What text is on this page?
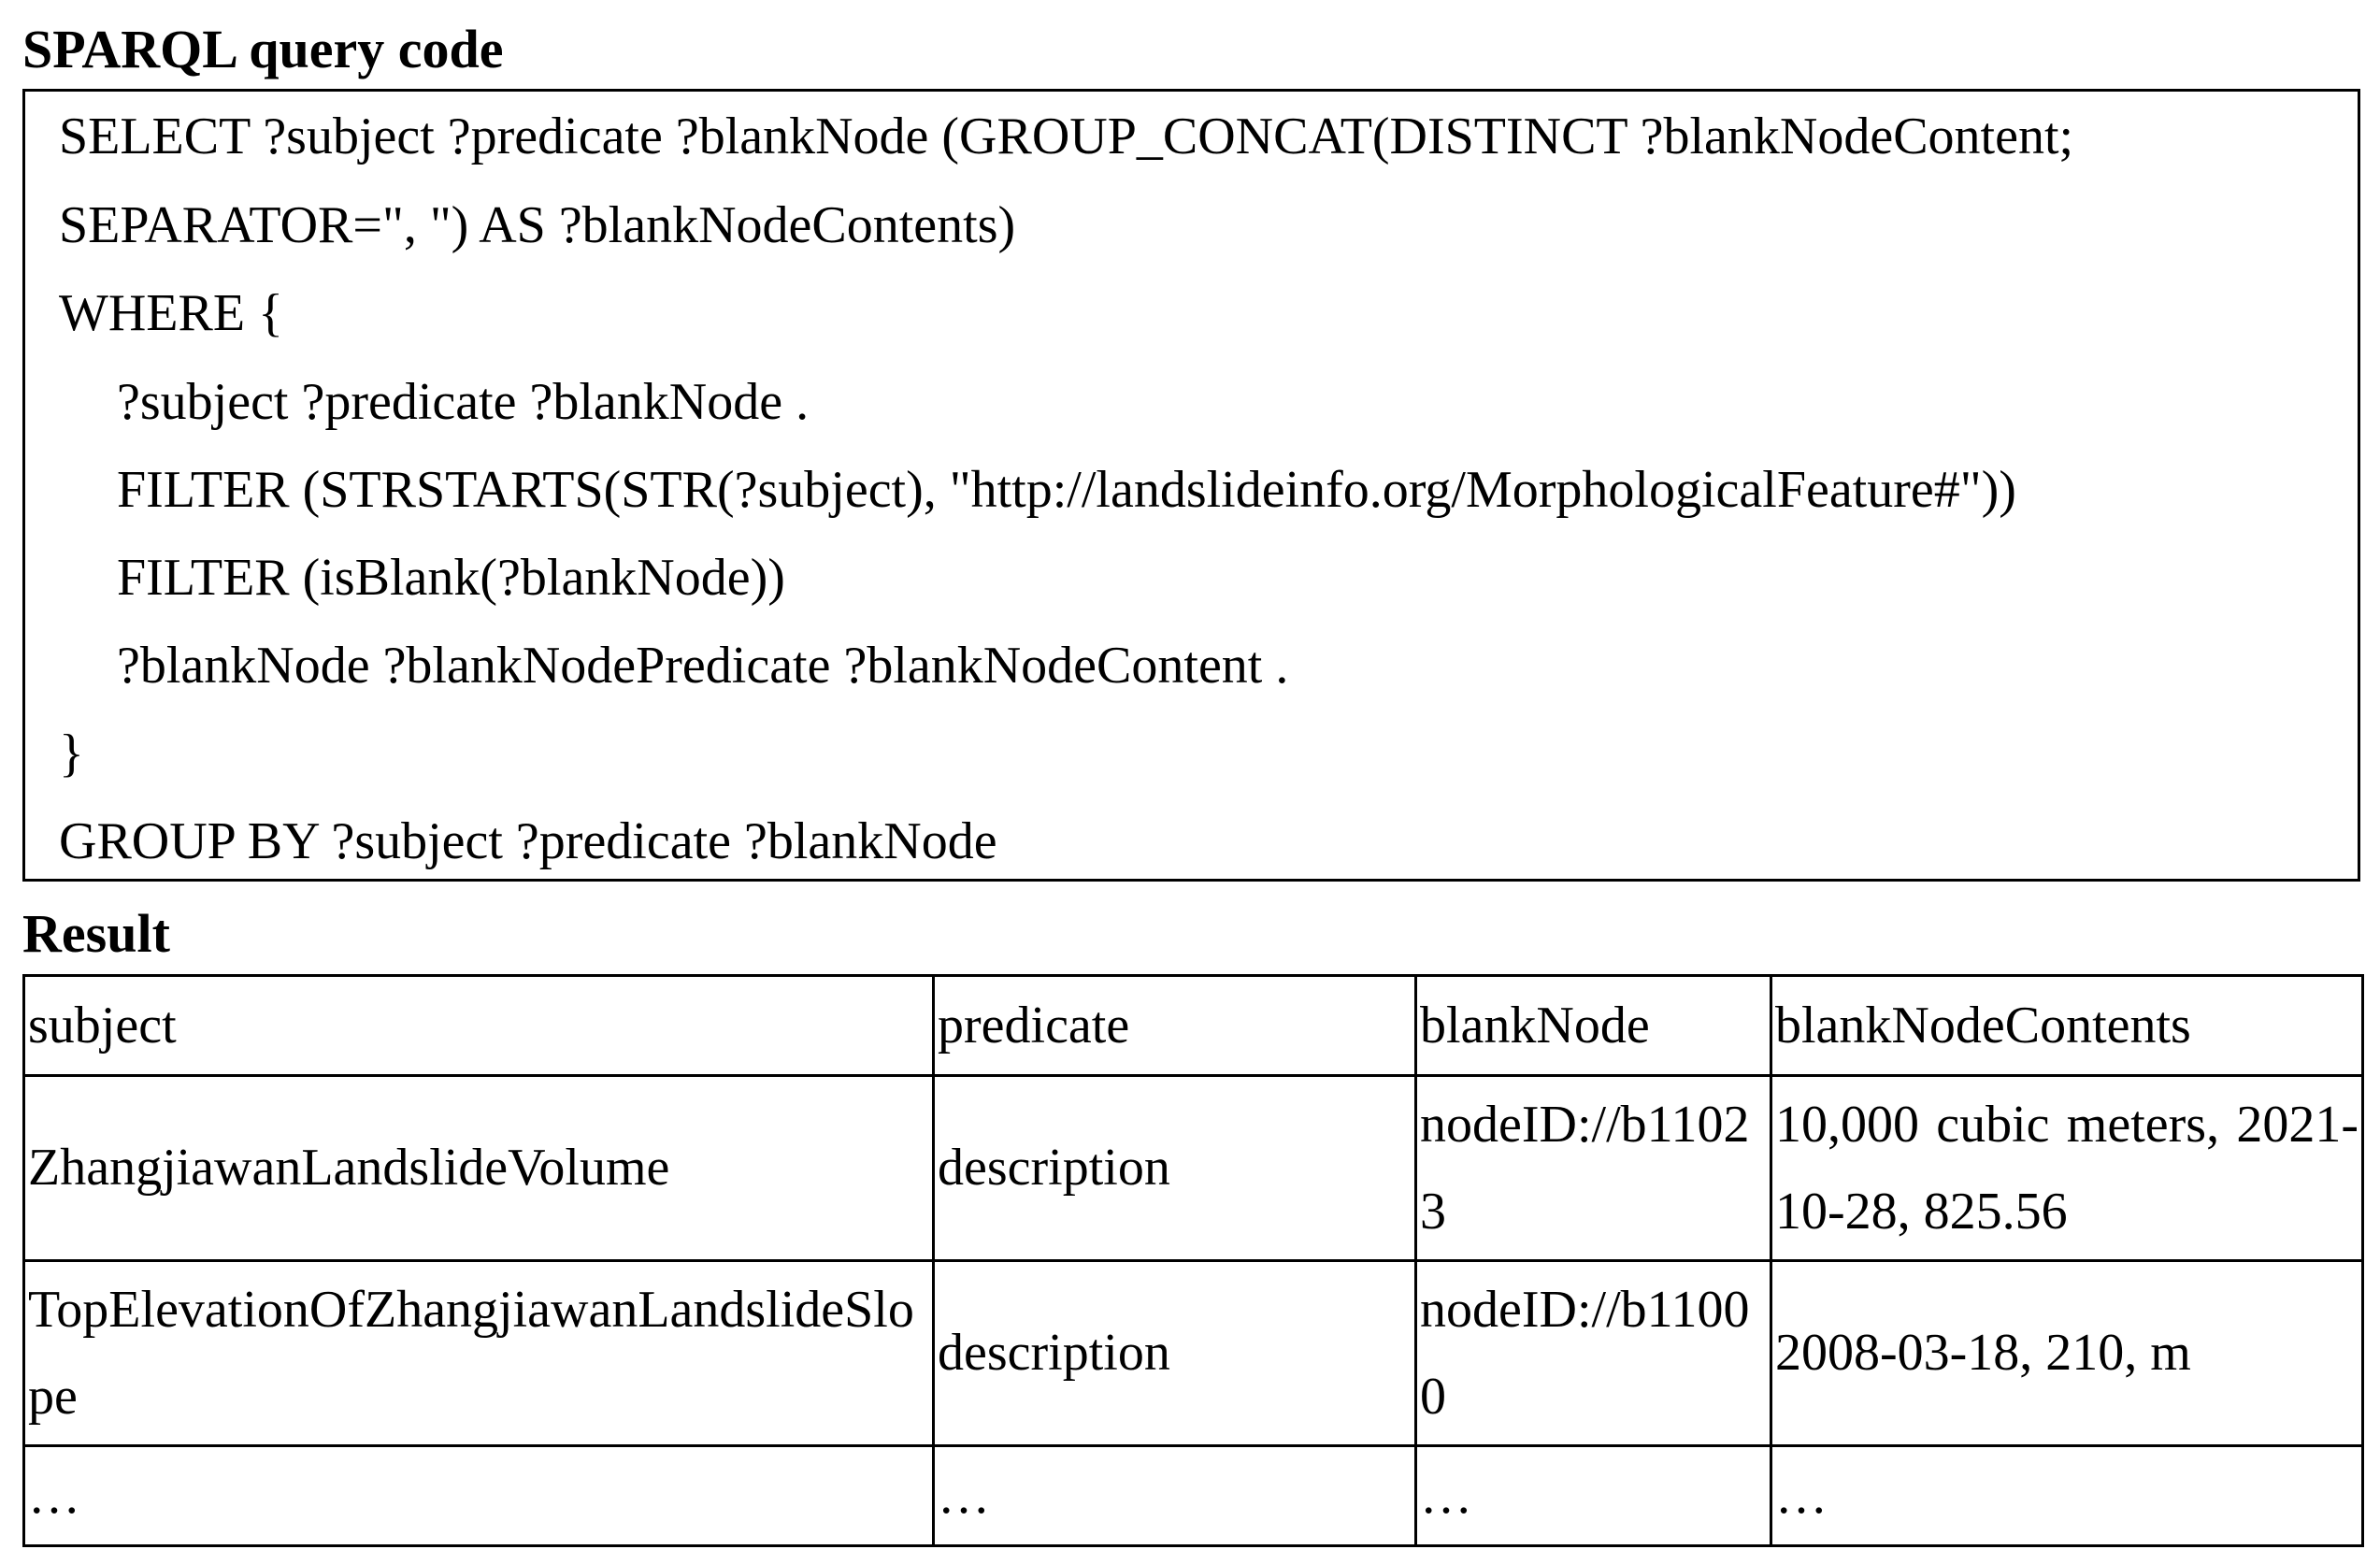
SPARQL query code
SELECT ?subject ?predicate ?blankNode (GROUP_CONCAT(DISTINCT ?blankNodeContent;
SEPARATOR=", ") AS ?blankNodeContents)
WHERE {
?subject ?predicate ?blankNode .
FILTER (STRSTARTS(STR(?subject), "http://landslideinfo.org/MorphologicalFeature#"))
FILTER (isBlank(?blankNode))
?blankNode ?blankNodePredicate ?blankNodeContent .
}
GROUP BY ?subject ?predicate ?blankNode
Result
subject	predicate	blankNode	blankNodeContents
ZhangjiawanLandslideVolume	description	nodeID://b11023	10,000 cubic meters, 2021-10-28, 825.56
TopElevationOfZhangjiawanLandslideSlope	description	nodeID://b11000	2008-03-18, 210, m
…	…	…	…
